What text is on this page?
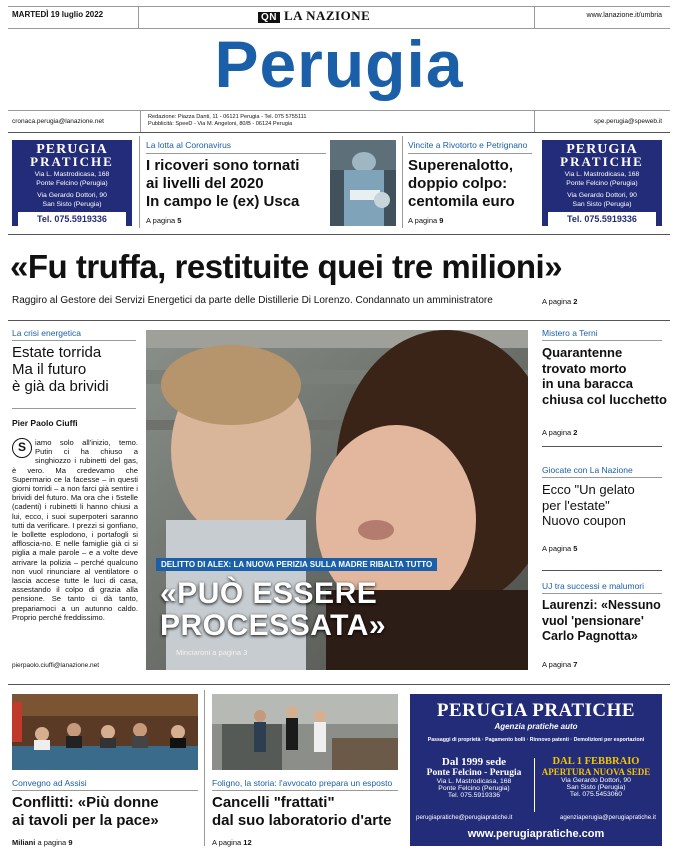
MARTEDÌ 19 luglio 2022	QN LA NAZIONE	www.lanazione.it/umbria
Perugia
cronaca.perugia@lanazione.net
Redazione: Piazza Danti, 11 - 06121 Perugia - Tel. 075 5755111
Pubblicità: SpeeD - Via M. Angeloni, 80/B - 06124 Perugia	spe.perugia@speweb.it
PERUGIA
PRATICHE
Via L. Mastrodicasa, 168
Ponte Felcino (Perugia)
Via Gerardo Dottori, 90
San Sisto (Perugia)
Tel. 075.5919336
La lotta al Coronavirus
I ricoveri sono tornati
ai livelli del 2020
In campo le (ex) Usca
A pagina 5
Vincite a Rivotorto e Petrignano
Superenalotto,
doppio colpo:
centomila euro
A pagina 9
PERUGIA
PRATICHE
Via L. Mastrodicasa, 168
Ponte Felcino (Perugia)
Via Gerardo Dottori, 90
San Sisto (Perugia)
Tel. 075.5919336
«Fu truffa, restituite quei tre milioni»
Raggiro al Gestore dei Servizi Energetici da parte delle Distillerie Di Lorenzo. Condannato un amministratore	A pagina 2
La crisi energetica
Estate torrida
Ma il futuro
è già da brividi
Pier Paolo Ciuffi
S	iamo solo all'inizio, temo. Putin ci ha chiuso a singhiozzo i rubinetti del gas, è vero. Ma credevamo che Supermario ce la facesse – in questi giorni torridi – a non farci già sentire i brividi del futuro. Ma ora che i 5stelle (cadenti) i rubinetti li hanno chiusi a lui, ecco, i suoi superpoteri saranno tutti da verificare. I prezzi si gonfiano, le bollette esplodono, i portafogli si affloscia-no. E nelle famiglie già ci si piglia a male parole – e a volte deve arrivare la polizia – perché qualcuno non vuol rinunciare al ventilatore o lascia accese tutte le luci di casa, assestando il colpo di grazia alla pensione. Se tanto ci dà tanto, prepariamoci a un autunno caldo. Proprio perché freddissimo.
pierpaolo.ciuffi@lanazione.net
DELITTO DI ALEX: LA NUOVA PERIZIA SULLA MADRE RIBALTA TUTTO
«PUÒ ESSERE
PROCESSATA»
Minciaroni a pagina 3
Mistero a Terni
Quarantenne
trovato morto
in una baracca
chiusa col lucchetto
A pagina 2
Giocate con La Nazione
Ecco "Un gelato
per l'estate"
Nuovo coupon
A pagina 5
UJ tra successi e malumori
Laurenzi: «Nessuno
vuol 'pensionare'
Carlo Pagnotta»
A pagina 7
Convegno ad Assisi
Conflitti: «Più donne
ai tavoli per la pace»
Miliani a pagina 9
Foligno, la storia: l'avvocato prepara un esposto
Cancelli "frattati"
dal suo laboratorio d'arte
A pagina 12
PERUGIA PRATICHE
Agenzia pratiche auto
Passaggi di proprietà · Pagamento bolli · Rinnovo patenti · Demolizioni per esportazioni
Dal 1999 sede
Ponte Felcino - Perugia
Via L. Mastrodicasa, 168
Ponte Felcino (Perugia)
Tel. 075.5919336
DAL 1 FEBBRAIO
APERTURA NUOVA SEDE
Via Gerardo Dottori, 90
San Sisto (Perugia)
Tel. 075.5453060
perugiapratiche@perugiapratiche.it	agenziaperugia@perugiapratiche.it
www.perugiapratiche.com
